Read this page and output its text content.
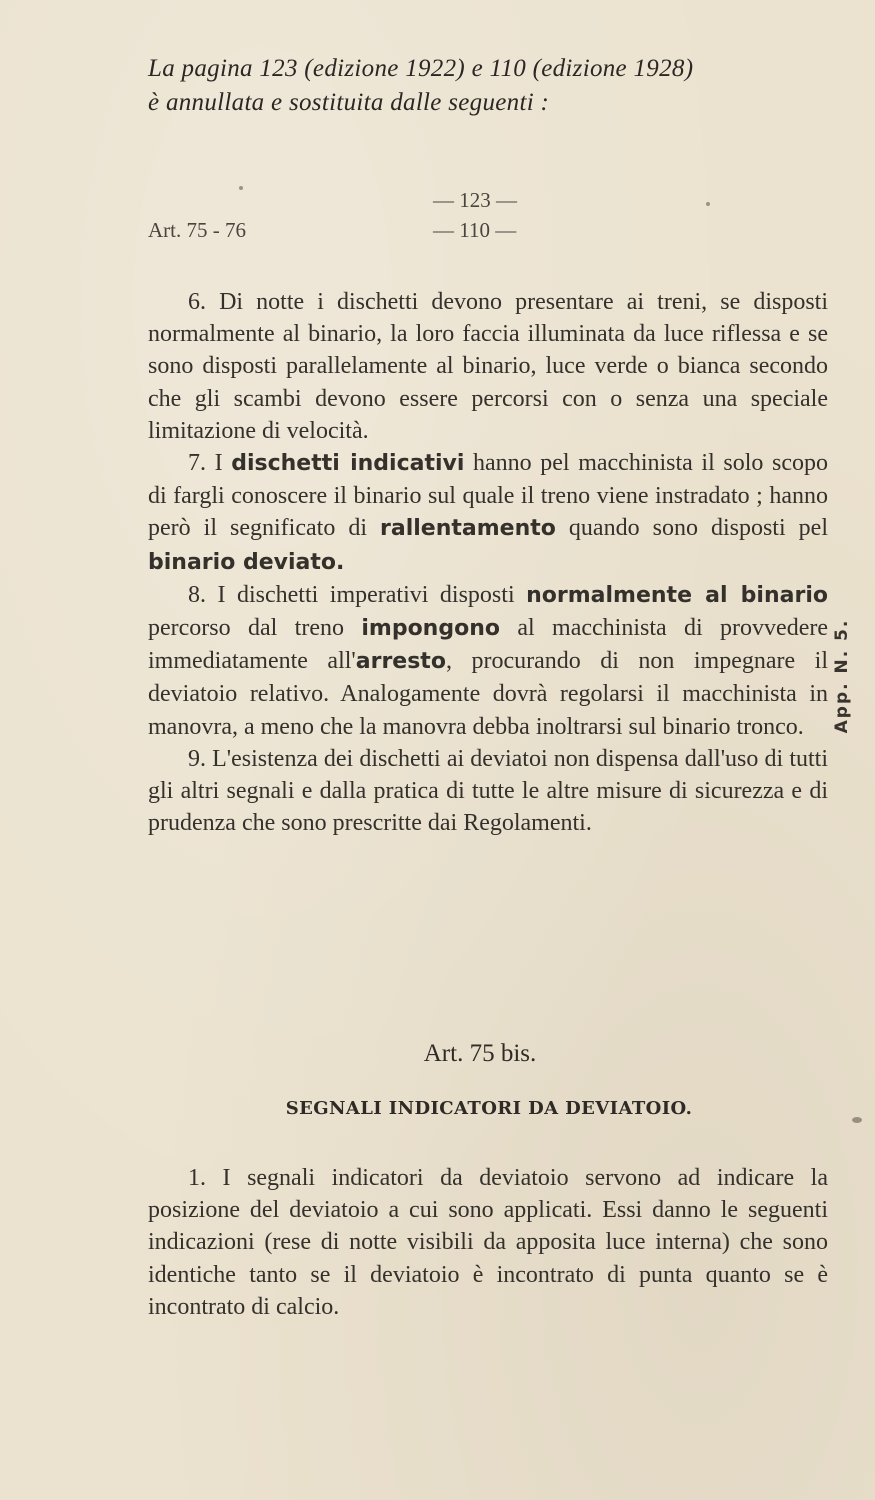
La pagina 123 (edizione 1922) e 110 (edizione 1928)
è annullata e sostituita dalle seguenti :
— 123 —
Art. 75 - 76	— 110 —

6. Di notte i dischetti devono presentare ai treni, se disposti normalmente al binario, la loro faccia illuminata da luce riflessa e se sono disposti parallelamente al binario, luce verde o bianca secondo che gli scambi devono essere percorsi con o senza una speciale limitazione di velocità.

7. I dischetti indicativi hanno pel macchinista il solo scopo di fargli conoscere il binario sul quale il treno viene instradato ; hanno però il segnificato di rallentamento quando sono disposti pel binario deviato.

8. I dischetti imperativi disposti normalmente al binario percorso dal treno impongono al macchinista di provvedere immediatamente all'arresto, procurando di non impegnare il deviatoio relativo. Analogamente dovrà regolarsi il macchinista in manovra, a meno che la manovra debba inoltrarsi sul binario tronco.

9. L'esistenza dei dischetti ai deviatoi non dispensa dall'uso di tutti gli altri segnali e dalla pratica di tutte le altre misure di sicurezza e di prudenza che sono prescritte dai Regolamenti.

Art. 75 bis.
SEGNALI INDICATORI DA DEVIATOIO.

1. I segnali indicatori da deviatoio servono ad indicare la posizione del deviatoio a cui sono applicati. Essi danno le seguenti indicazioni (rese di notte visibili da apposita luce interna) che sono identiche tanto se il deviatoio è incontrato di punta quanto se è incontrato di calcio.

App. N. 5.
